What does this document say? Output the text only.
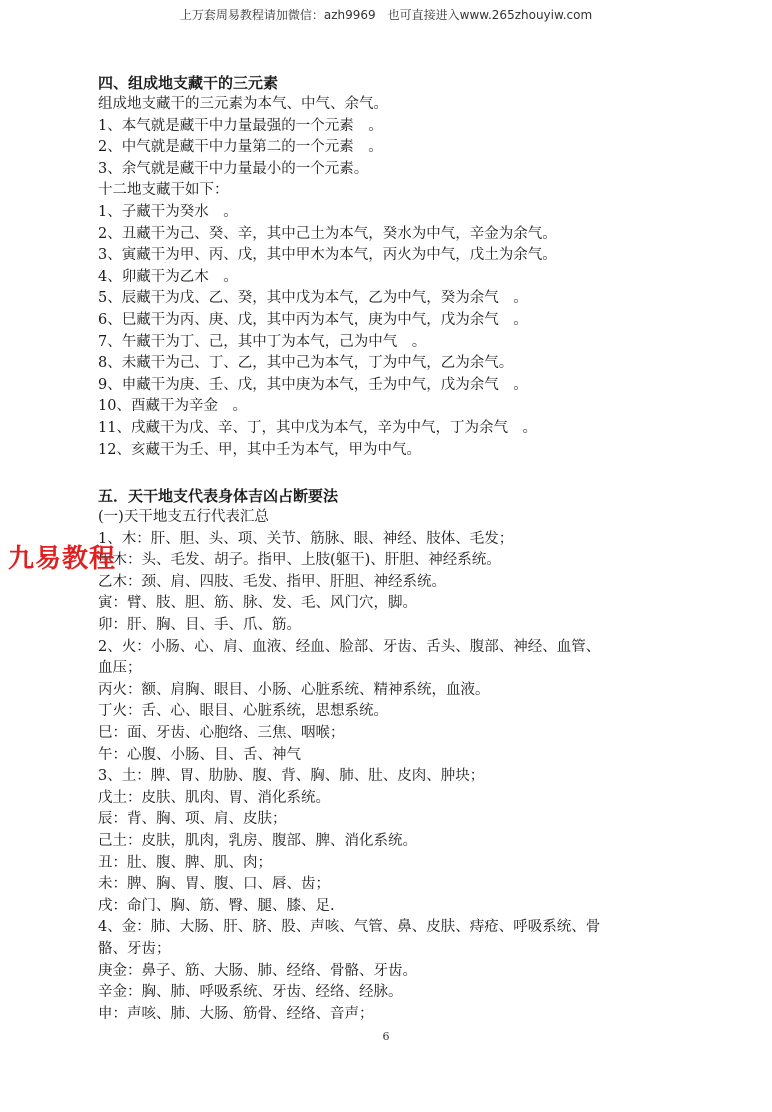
上万套周易教程请加微信：azh9969　也可直接进入www.265zhouyiw.com
四、组成地支藏干的三元素
组成地支藏干的三元素为本气、中气、余气。
1、本气就是藏干中力量最强的一个元素　。
2、中气就是藏干中力量第二的一个元素　。
3、余气就是藏干中力量最小的一个元素。
十二地支藏干如下：
1、子藏干为癸水　。
2、丑藏干为己、癸、辛，其中己土为本气，癸水为中气，辛金为余气。
3、寅藏干为甲、丙、戊，其中甲木为本气，丙火为中气，戊土为余气。
4、卯藏干为乙木　。
5、辰藏干为戊、乙、癸，其中戊为本气，乙为中气，癸为余气　。
6、巳藏干为丙、庚、戊，其中丙为本气，庚为中气，戊为余气　。
7、午藏干为丁、己，其中丁为本气，己为中气　。
8、未藏干为己、丁、乙，其中己为本气，丁为中气，乙为余气。
9、申藏干为庚、壬、戊，其中庚为本气，壬为中气，戊为余气　。
10、酉藏干为辛金　。
11、戌藏干为戊、辛、丁，其中戊为本气，辛为中气，丁为余气　。
12、亥藏干为壬、甲，其中壬为本气，甲为中气。
五．天干地支代表身体吉凶占断要法
(一)天干地支五行代表汇总
1、木：肝、胆、头、项、关节、筋脉、眼、神经、肢体、毛发；
甲木：头、毛发、胡子。指甲、上肢(躯干)、肝胆、神经系统。
乙木：颈、肩、四肢、毛发、指甲、肝胆、神经系统。
寅：臂、肢、胆、筋、脉、发、毛、风门穴，脚。
卯：肝、胸、目、手、爪、筋。
2、火：小肠、心、肩、血液、经血、脸部、牙齿、舌头、腹部、神经、血管、
血压；
丙火：额、肩胸、眼目、小肠、心脏系统、精神系统，血液。
丁火：舌、心、眼目、心脏系统，思想系统。
巳：面、牙齿、心胞络、三焦、咽喉；
午：心腹、小肠、目、舌、神气
3、土：脾、胃、肋胁、腹、背、胸、肺、肚、皮肉、肿块；
戊土：皮肤、肌肉、胃、消化系统。
辰：背、胸、项、肩、皮肤；
己土：皮肤，肌肉，乳房、腹部、脾、消化系统。
丑：肚、腹、脾、肌、肉；
未：脾、胸、胃、腹、口、唇、齿；
戌：命门、胸、筋、臀、腿、膝、足.
4、金：肺、大肠、肝、脐、股、声咳、气管、鼻、皮肤、痔疮、呼吸系统、骨
骼、牙齿；
庚金：鼻子、筋、大肠、肺、经络、骨骼、牙齿。
辛金：胸、肺、呼吸系统、牙齿、经络、经脉。
申：声咳、肺、大肠、筋骨、经络、音声；
九易教程
6
